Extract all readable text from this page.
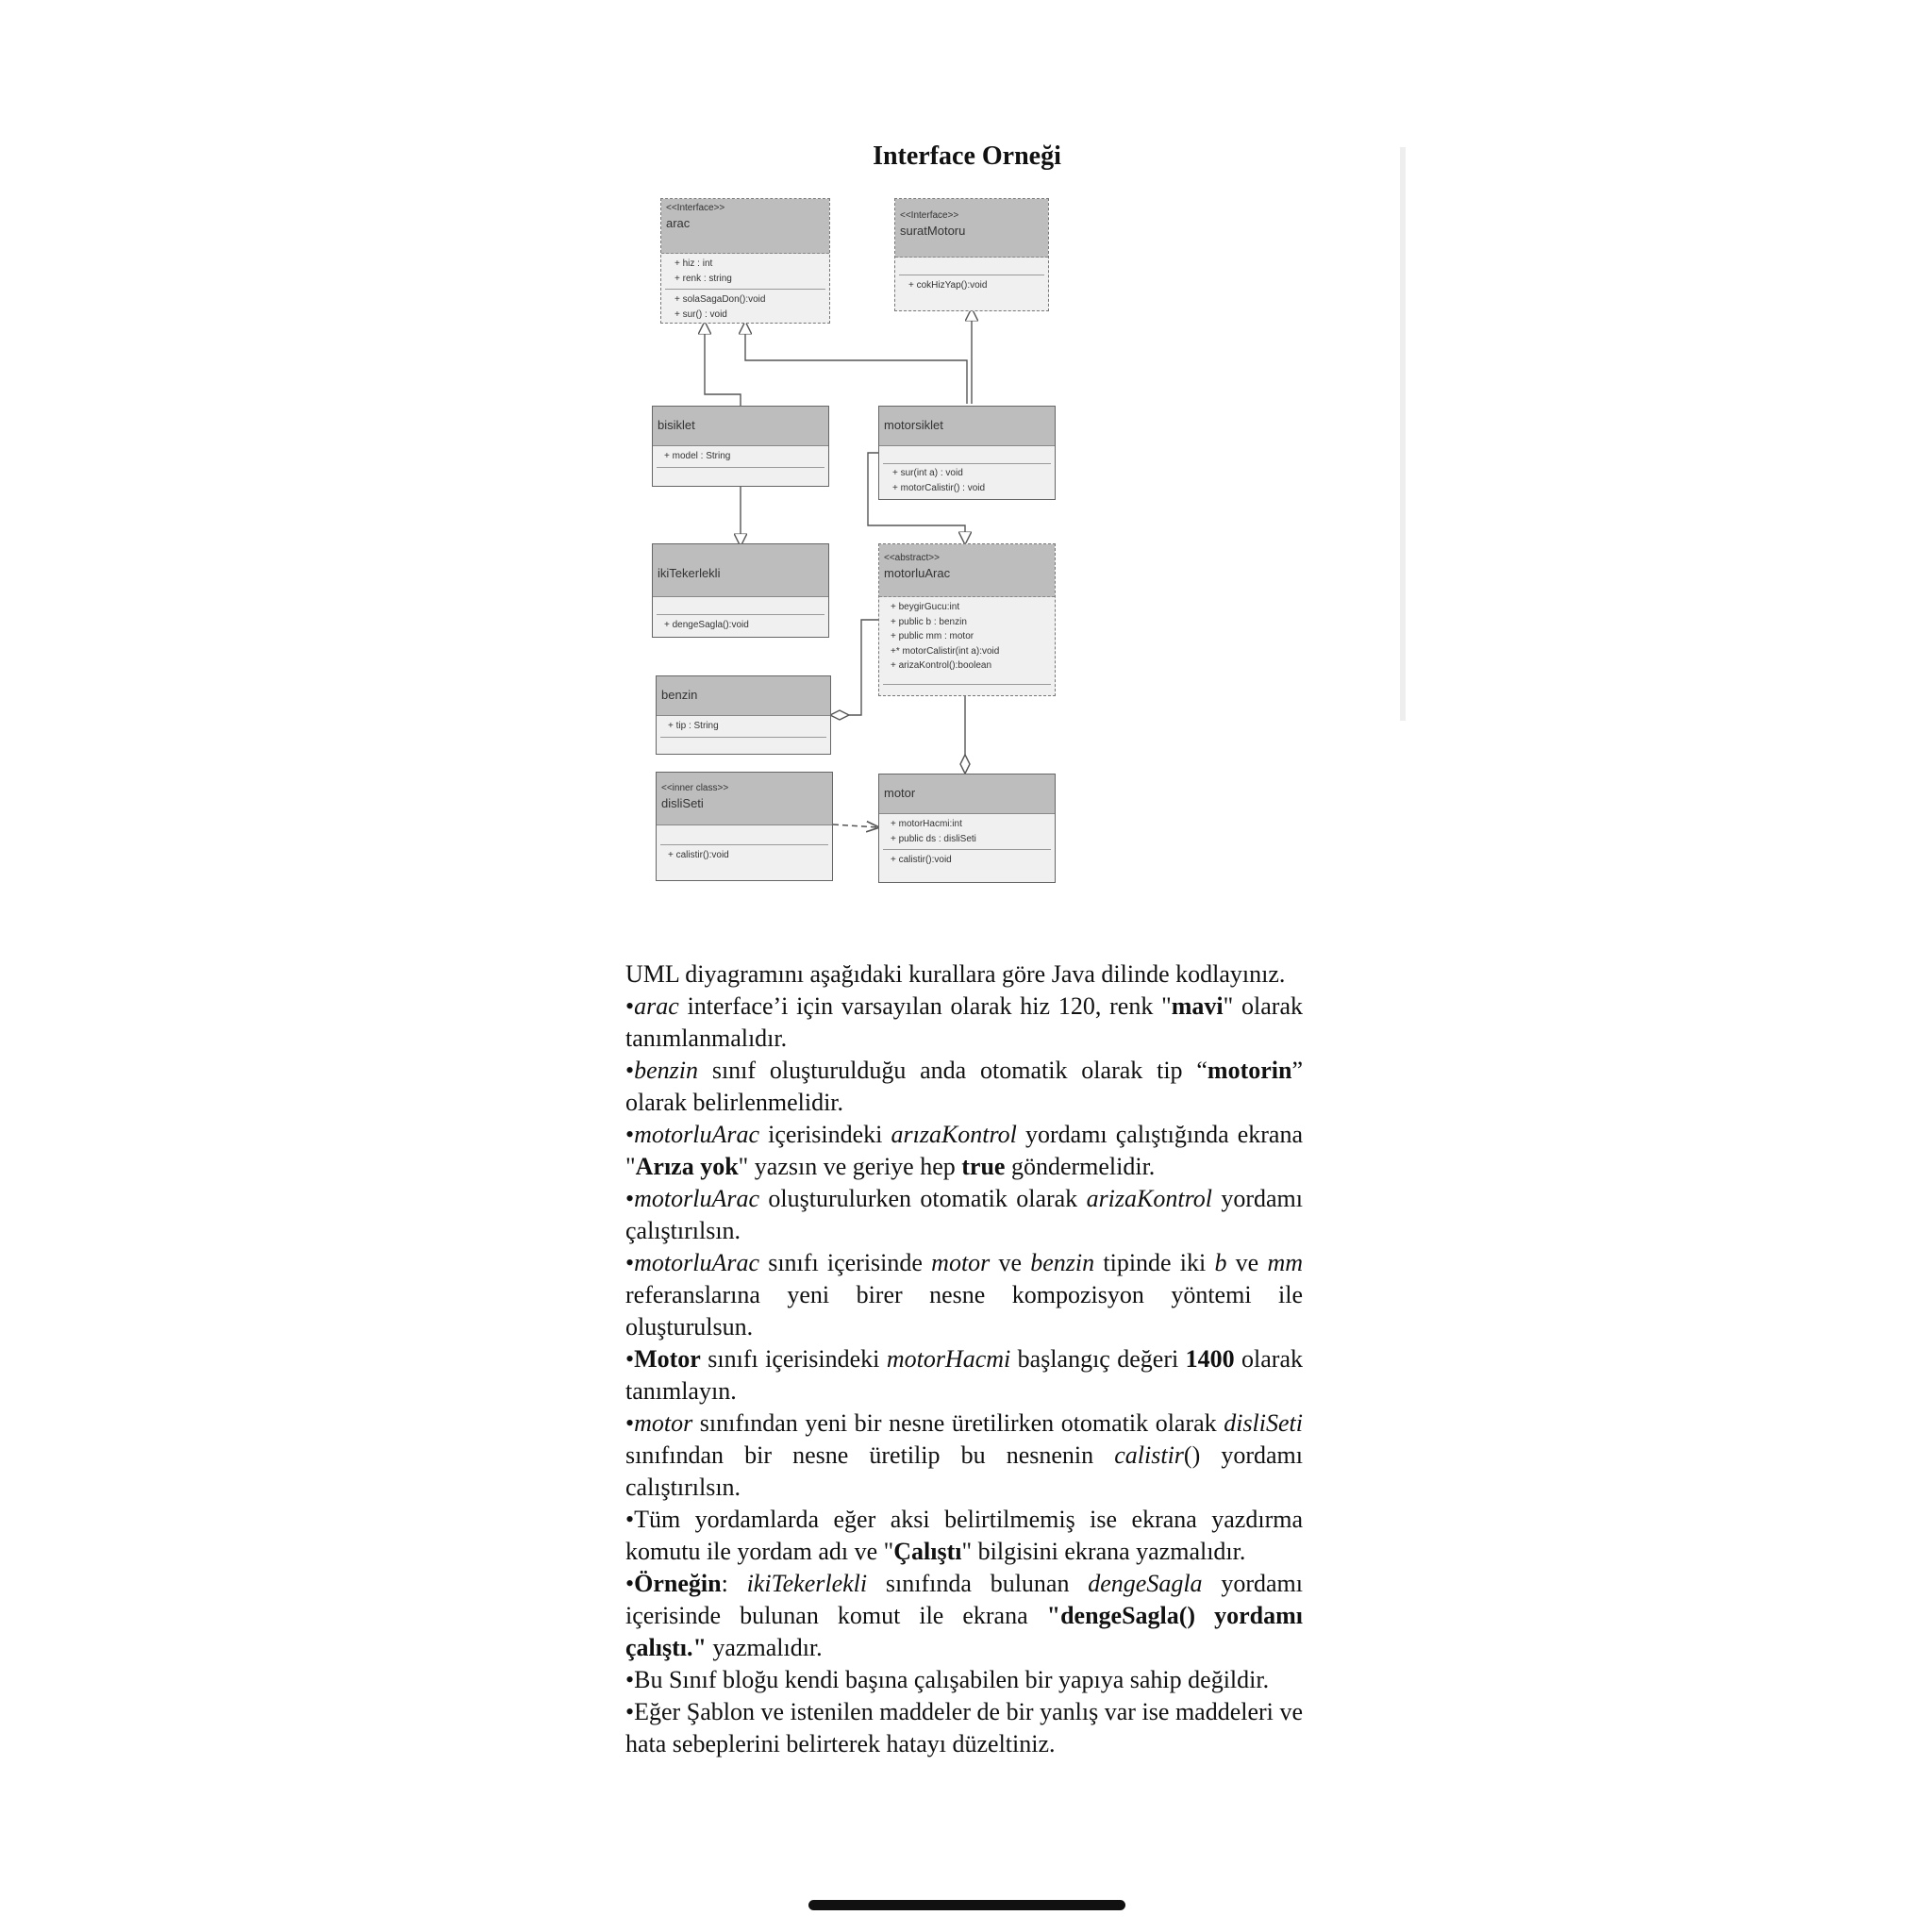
Interface Orneği
<<Interface>>
arac
+ hiz : int
+ renk : string
+ solaSagaDon():void
+ sur() : void
<<Interface>>
suratMotoru
+ cokHizYap():void
bisiklet
+ model : String
motorsiklet
+ sur(int a) : void
+ motorCalistir() : void
ikiTekerlekli
+ dengeSagla():void
<<abstract>>
motorluArac
+ beygirGucu:int
+ public b : benzin
+ public mm : motor
+* motorCalistir(int a):void
+ arizaKontrol():boolean
benzin
+ tip : String
<<inner class>>
disliSeti
+ calistir():void
motor
+ motorHacmi:int
+ public ds : disliSeti
+ calistir():void

UML diyagramını aşağıdaki kurallara göre Java dilinde kodlayınız.

•arac interface’i için varsayılan olarak hiz 120, renk "mavi" olarak tanımlanmalıdır.

•benzin sınıf oluşturulduğu anda otomatik olarak tip “motorin” olarak belirlenmelidir.

•motorluArac içerisindeki arızaKontrol yordamı çalıştığında ekrana "Arıza yok" yazsın ve geriye hep true göndermelidir.

•motorluArac oluşturulurken otomatik olarak arizaKontrol yordamı çalıştırılsın.

•motorluArac sınıfı içerisinde motor ve benzin tipinde iki b ve mm referanslarına yeni birer nesne kompozisyon yöntemi ile oluşturulsun.

•Motor sınıfı içerisindeki motorHacmi başlangıç değeri 1400 olarak tanımlayın.

•motor sınıfından yeni bir nesne üretilirken otomatik olarak disliSeti sınıfından bir nesne üretilip bu nesnenin calistir() yordamı calıştırılsın.

•Tüm yordamlarda eğer aksi belirtilmemiş ise ekrana yazdırma komutu ile yordam adı ve "Çalıştı" bilgisini ekrana yazmalıdır.

•Örneğin: ikiTekerlekli sınıfında bulunan dengeSagla yordamı içerisinde bulunan komut ile ekrana "dengeSagla() yordamı çalıştı." yazmalıdır.

•Bu Sınıf bloğu kendi başına çalışabilen bir yapıya sahip değildir.

•Eğer Şablon ve istenilen maddeler de bir yanlış var ise maddeleri ve hata sebeplerini belirterek hatayı düzeltiniz.
